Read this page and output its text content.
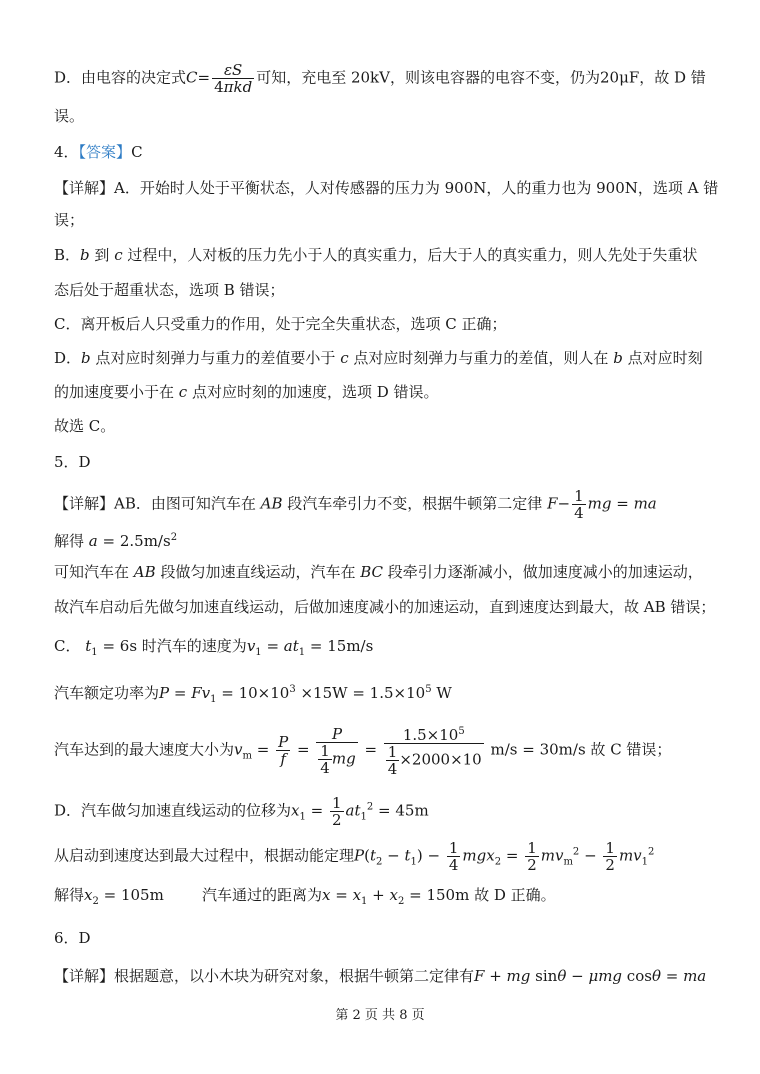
D．由电容的决定式$C= \frac{\varepsilon S}{\text{4πkd}}$ 可知，充电至 20kV，则该电容器的电容不变，仍为20μF，故 D 错
误。
4．【答案】C
【详解】A．开始时人处于平衡状态，人对传感器的压力为 900N，人的重力也为 900N，选项 A 错
误；
B．b 到 c 过程中，人对板的压力先小于人的真实重力，后大于人的真实重力，则人先处于失重状
态后处于超重状态，选项 B 错误；
C．离开板后人只受重力的作用，处于完全失重状态，选项 C 正确；
D．b 点对应时刻弹力与重力的差值要小于 c 点对应时刻弹力与重力的差值，则人在 b 点对应时刻
的加速度要小于在 c 点对应时刻的加速度，选项 D 错误。
故选 C。
5．D
【详解】AB．由图可知汽车在 AB 段汽车牵引力不变，根据牛顿第二定律 $F- \frac{1}{4}$ mg = ma
解得 $a = 2.5m/s^2$
可知汽车在 AB 段做匀加速直线运动，汽车在 BC 段牵引力逐渐减小，做加速度减小的加速运动，
故汽车启动后先做匀加速直线运动，后做加速度减小的加速运动，直到速度达到最大，故 AB 错误；
C． $t_1 = 6s$ 时汽车的速度为$v_1 = at_1 = 15m/s$
汽车额定功率为$P = Fv_1 = 10\times 10^3 \times 15W = 1.5\times 10^5$ W
汽车达到的最大速度大小为$v_m = \frac{P}{f} = \frac{P}{\frac{1}{4} mg} = \frac{1.5\times 10^5}{\frac{1}{4} \times 2000\times 10} m/s = 30m/s$ 故 C 错误；
D．汽车做匀加速直线运动的位移为$x_1 = \frac{1}{2} at_1^2 = 45m$
从启动到速度达到最大过程中，根据动能定理$P(t_2 - t_1) - \frac{1}{4} mgx_2 = \frac{1}{2} mv_m^2 - \frac{1}{2} mv_1^2$
解得$x_2 = 105m$        汽车通过的距离为$x = x_1 + x_2 = 150m$ 故 D 正确。
6．D
【详解】根据题意，以小木块为研究对象，根据牛顿第二定律有F + mg sinθ − μmg cosθ = ma
第 2 页 共 8 页
